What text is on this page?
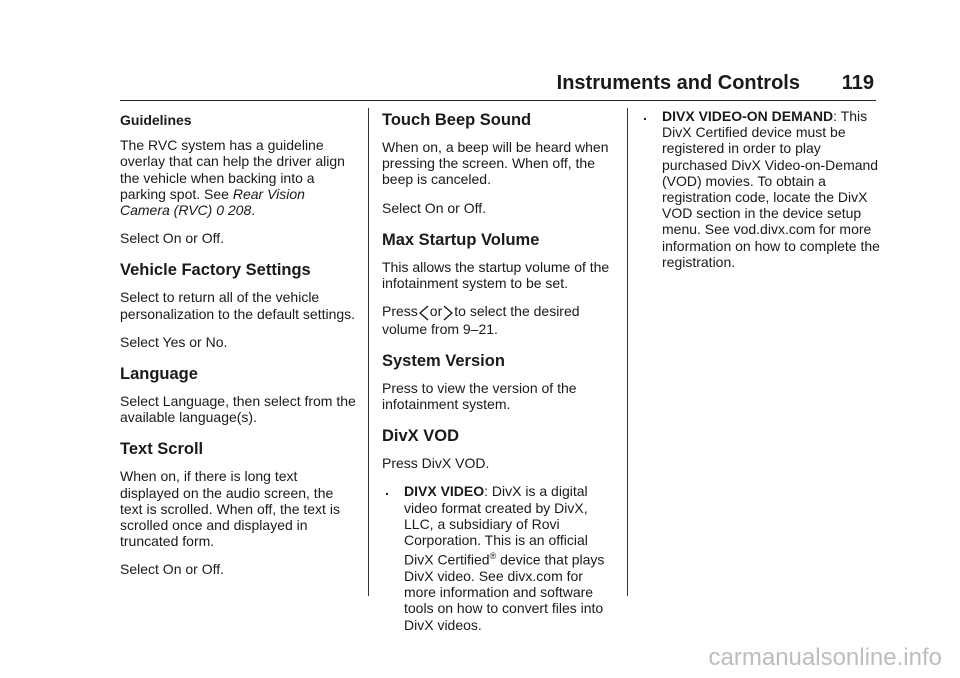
Instruments and Controls 119

Guidelines

The RVC system has a guideline overlay that can help the driver align the vehicle when backing into a parking spot. See Rear Vision Camera (RVC) 0 208.

Select On or Off.

Vehicle Factory Settings

Select to return all of the vehicle personalization to the default settings.

Select Yes or No.

Language

Select Language, then select from the available language(s).

Text Scroll

When on, if there is long text displayed on the audio screen, the text is scrolled. When off, the text is scrolled once and displayed in truncated form.

Select On or Off.

Touch Beep Sound

When on, a beep will be heard when pressing the screen. When off, the beep is canceled.

Select On or Off.

Max Startup Volume

This allows the startup volume of the infotainment system to be set.

Press or to select the desired
volume from 9–21.

System Version

Press to view the version of the infotainment system.

DivX VOD

Press DivX VOD.

. DIVX VIDEO: DivX is a digital video format created by DivX, LLC, a subsidiary of Rovi Corporation. This is an official DivX Certified® device that plays DivX video. See divx.com for more information and software tools on how to convert files into DivX videos.

. DIVX VIDEO-ON DEMAND: This DivX Certified device must be registered in order to play purchased DivX Video-on-Demand (VOD) movies. To obtain a registration code, locate the DivX VOD section in the device setup menu. See vod.divx.com for more information on how to complete the registration.

carmanualsonline.info
